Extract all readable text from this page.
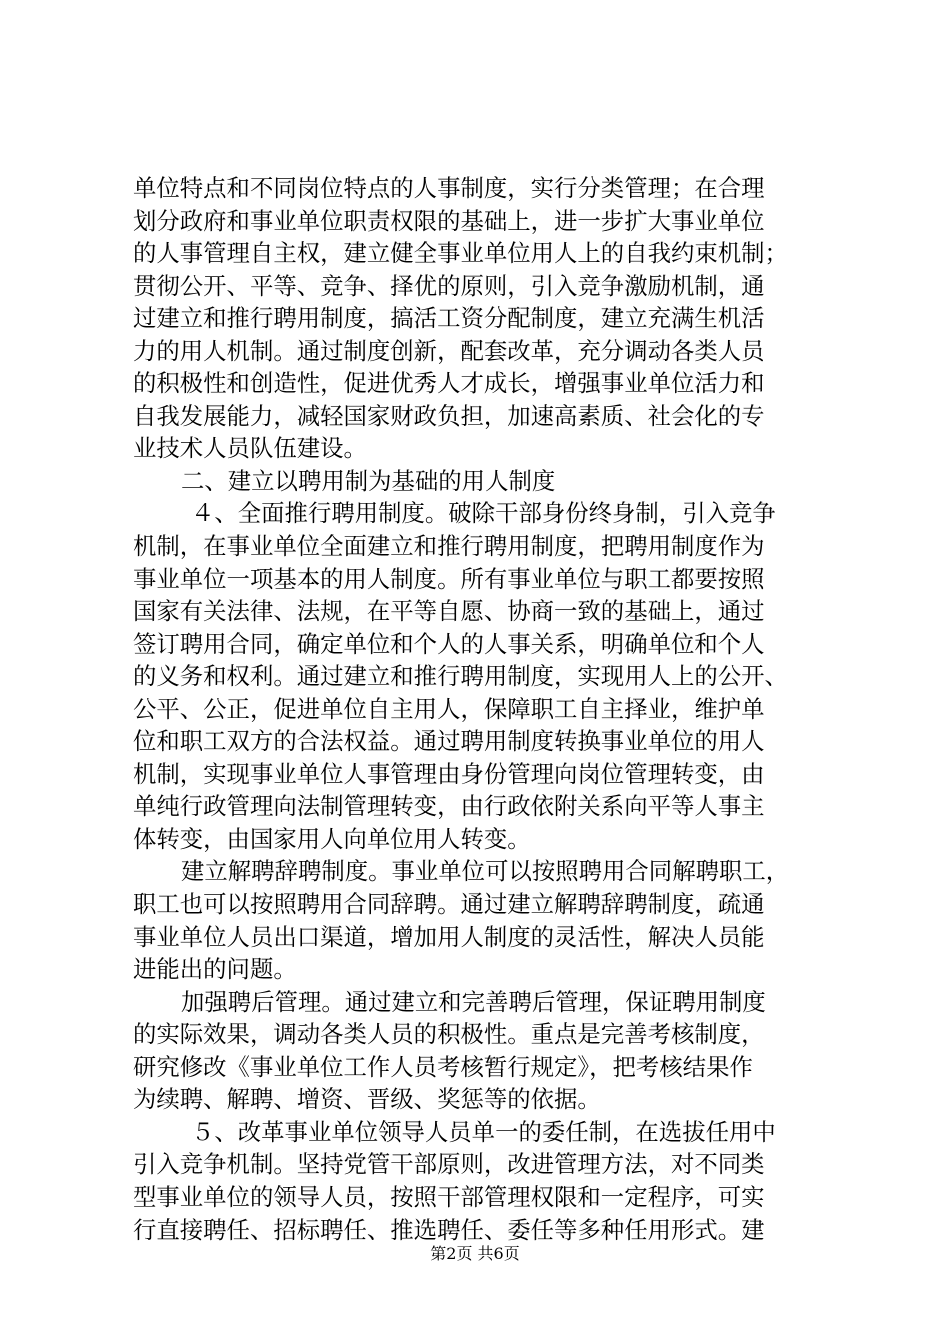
单位特点和不同岗位特点的人事制度，实行分类管理；在合理
划分政府和事业单位职责权限的基础上，进一步扩大事业单位
的人事管理自主权，建立健全事业单位用人上的自我约束机制；
贯彻公开、平等、竞争、择优的原则，引入竞争激励机制，通
过建立和推行聘用制度，搞活工资分配制度，建立充满生机活
力的用人机制。通过制度创新，配套改革，充分调动各类人员
的积极性和创造性，促进优秀人才成长，增强事业单位活力和
自我发展能力，减轻国家财政负担，加速高素质、社会化的专
业技术人员队伍建设。
二、建立以聘用制为基础的用人制度
４、全面推行聘用制度。破除干部身份终身制，引入竞争
机制，在事业单位全面建立和推行聘用制度，把聘用制度作为
事业单位一项基本的用人制度。所有事业单位与职工都要按照
国家有关法律、法规，在平等自愿、协商一致的基础上，通过
签订聘用合同，确定单位和个人的人事关系，明确单位和个人
的义务和权利。通过建立和推行聘用制度，实现用人上的公开、
公平、公正，促进单位自主用人，保障职工自主择业，维护单
位和职工双方的合法权益。通过聘用制度转换事业单位的用人
机制，实现事业单位人事管理由身份管理向岗位管理转变，由
单纯行政管理向法制管理转变，由行政依附关系向平等人事主
体转变，由国家用人向单位用人转变。
建立解聘辞聘制度。事业单位可以按照聘用合同解聘职工，
职工也可以按照聘用合同辞聘。通过建立解聘辞聘制度，疏通
事业单位人员出口渠道，增加用人制度的灵活性，解决人员能
进能出的问题。
加强聘后管理。通过建立和完善聘后管理，保证聘用制度
的实际效果，调动各类人员的积极性。重点是完善考核制度，
研究修改《事业单位工作人员考核暂行规定》，把考核结果作
为续聘、解聘、增资、晋级、奖惩等的依据。
５、改革事业单位领导人员单一的委任制，在选拔任用中
引入竞争机制。坚持党管干部原则，改进管理方法，对不同类
型事业单位的领导人员，按照干部管理权限和一定程序，可实
行直接聘任、招标聘任、推选聘任、委任等多种任用形式。建
第2页 共6页
